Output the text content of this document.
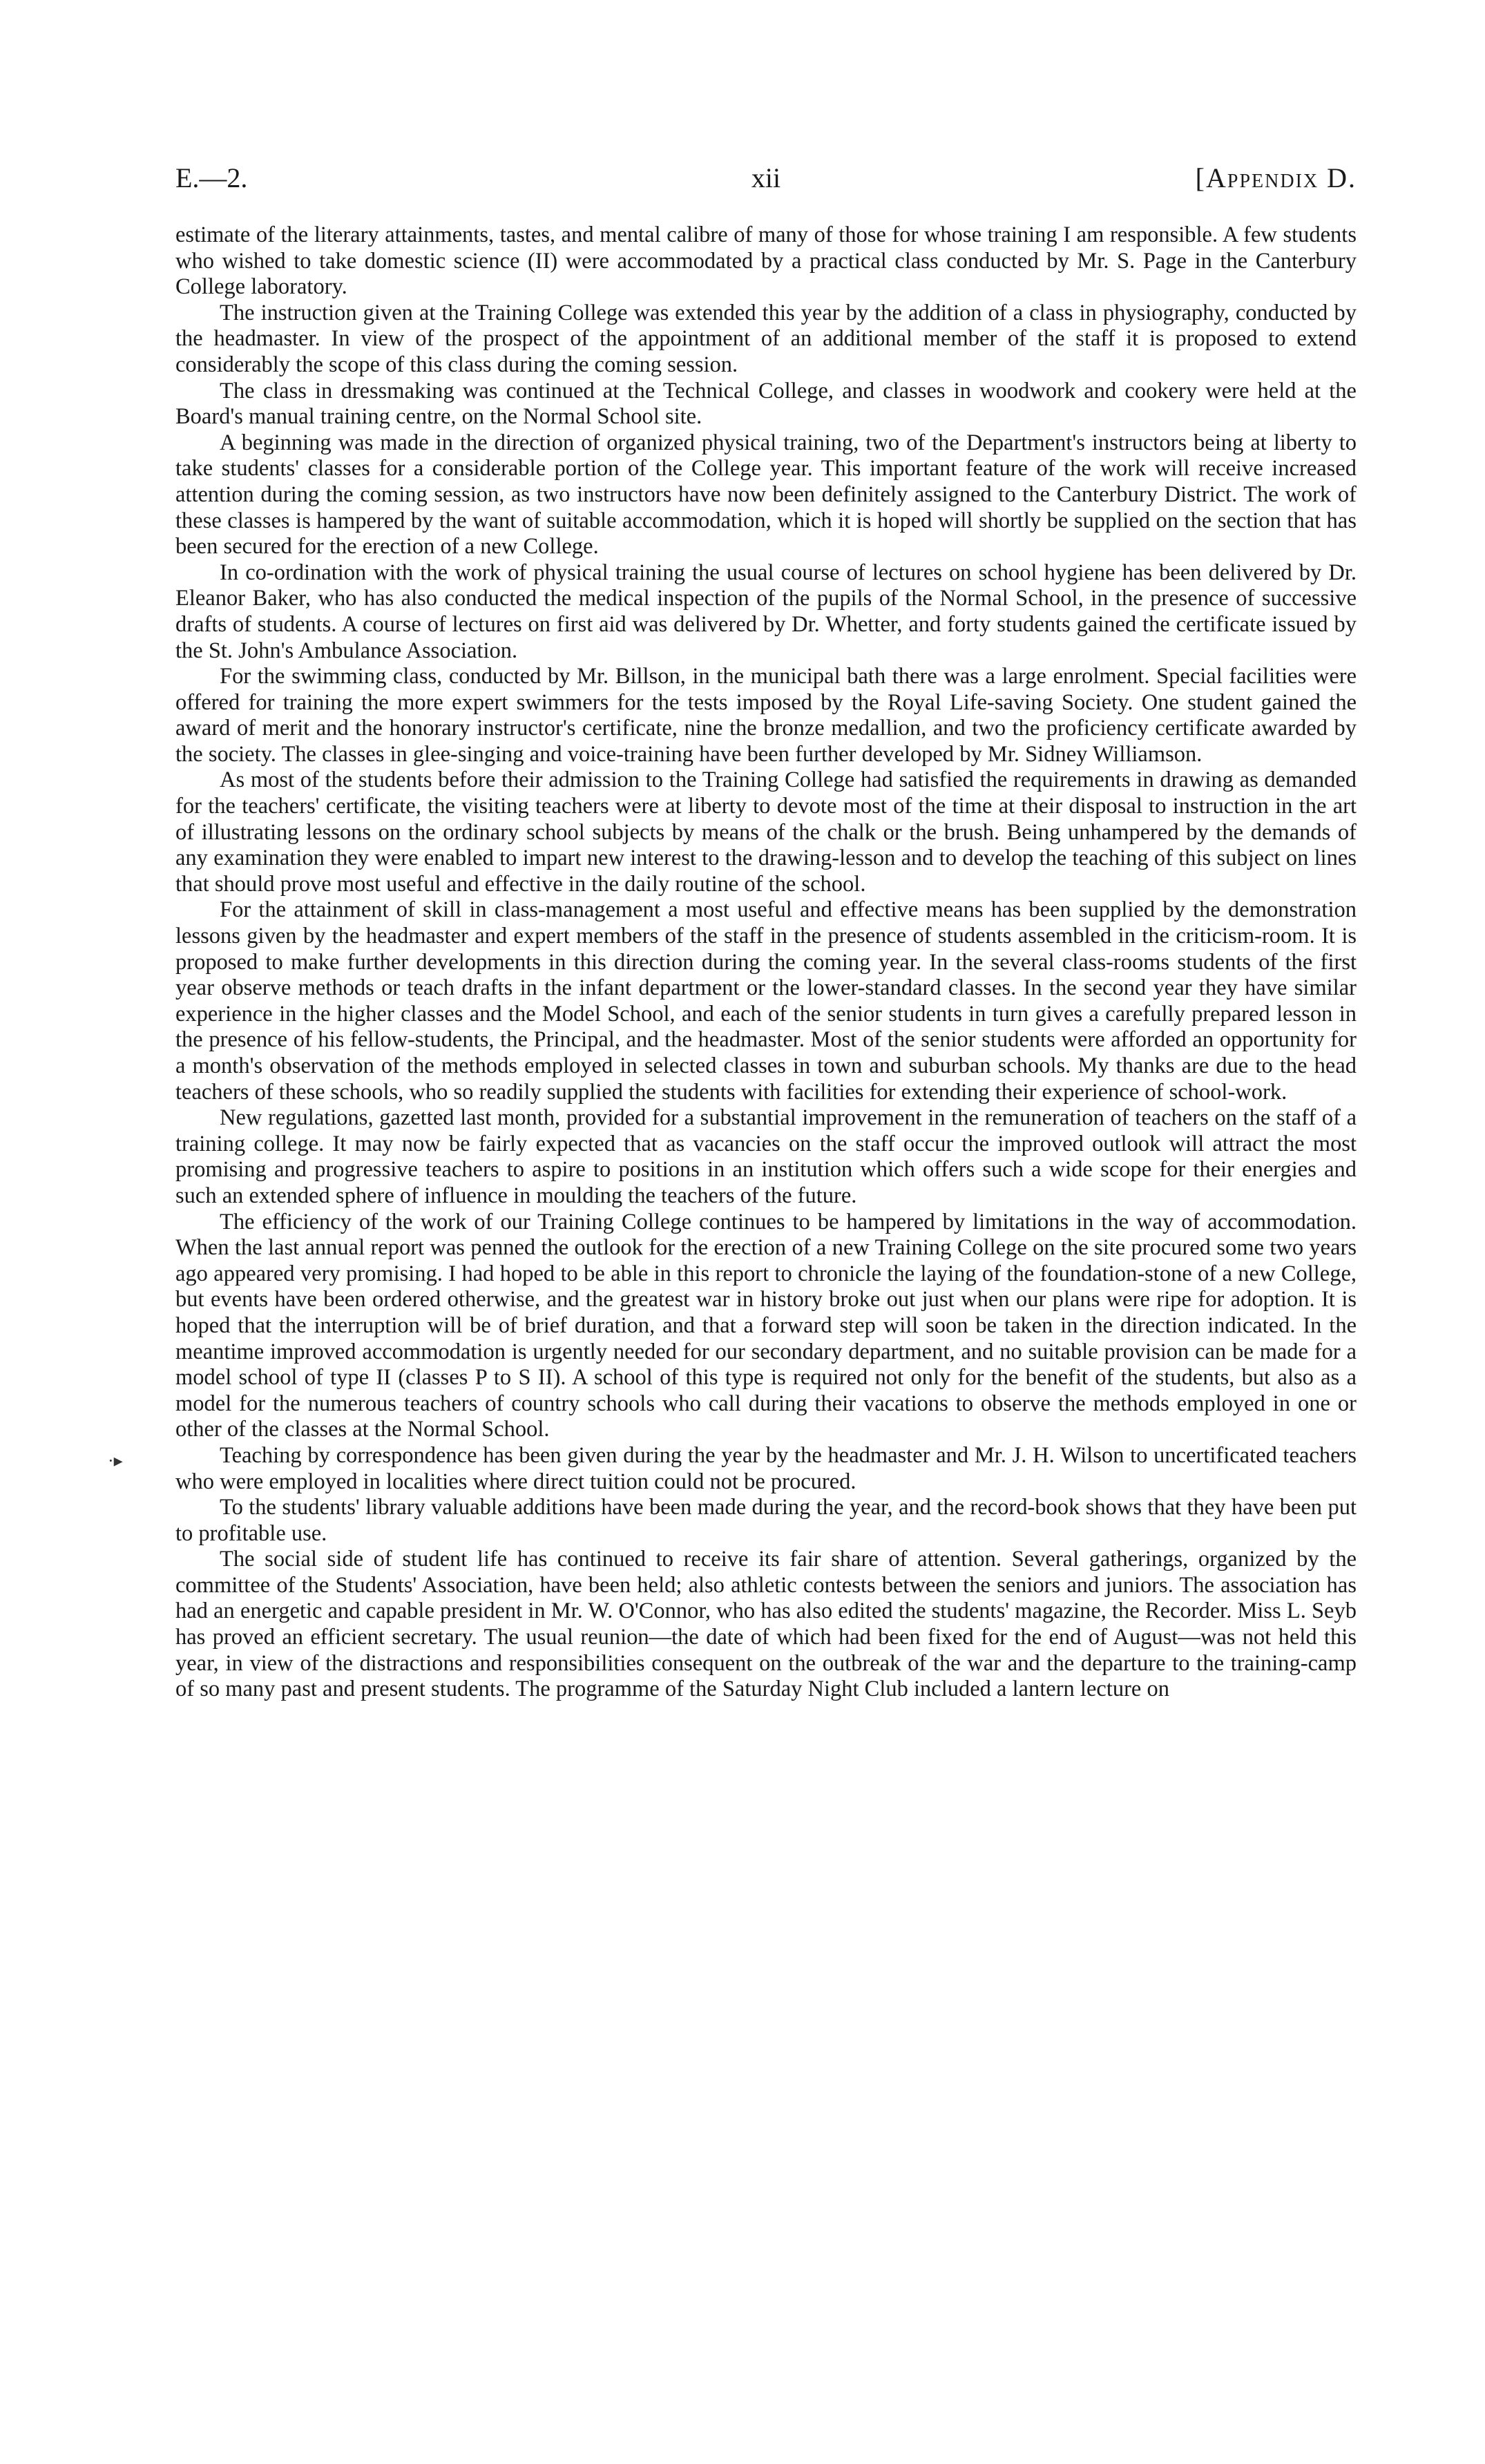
E.—2.	xii	[Appendix D.
·▸

estimate of the literary attainments, tastes, and mental calibre of many of those for whose training I am responsible. A few students who wished to take domestic science (II) were accommodated by a practical class conducted by Mr. S. Page in the Canterbury College laboratory.

The instruction given at the Training College was extended this year by the addition of a class in physiography, conducted by the headmaster. In view of the prospect of the appointment of an additional member of the staff it is proposed to extend considerably the scope of this class during the coming session.

The class in dressmaking was continued at the Technical College, and classes in woodwork and cookery were held at the Board's manual training centre, on the Normal School site.

A beginning was made in the direction of organized physical training, two of the Department's instructors being at liberty to take students' classes for a considerable portion of the College year. This important feature of the work will receive increased attention during the coming session, as two instructors have now been definitely assigned to the Canterbury District. The work of these classes is hampered by the want of suitable accommodation, which it is hoped will shortly be supplied on the section that has been secured for the erection of a new College.

In co-ordination with the work of physical training the usual course of lectures on school hygiene has been delivered by Dr. Eleanor Baker, who has also conducted the medical inspection of the pupils of the Normal School, in the presence of successive drafts of students. A course of lectures on first aid was delivered by Dr. Whetter, and forty students gained the certificate issued by the St. John's Ambulance Association.

For the swimming class, conducted by Mr. Billson, in the municipal bath there was a large enrolment. Special facilities were offered for training the more expert swimmers for the tests imposed by the Royal Life-saving Society. One student gained the award of merit and the honorary instructor's certificate, nine the bronze medallion, and two the proficiency certificate awarded by the society. The classes in glee-singing and voice-training have been further developed by Mr. Sidney Williamson.

As most of the students before their admission to the Training College had satisfied the requirements in drawing as demanded for the teachers' certificate, the visiting teachers were at liberty to devote most of the time at their disposal to instruction in the art of illustrating lessons on the ordinary school subjects by means of the chalk or the brush. Being unhampered by the demands of any examination they were enabled to impart new interest to the drawing-lesson and to develop the teaching of this subject on lines that should prove most useful and effective in the daily routine of the school.

For the attainment of skill in class-management a most useful and effective means has been supplied by the demonstration lessons given by the headmaster and expert members of the staff in the presence of students assembled in the criticism-room. It is proposed to make further developments in this direction during the coming year. In the several class-rooms students of the first year observe methods or teach drafts in the infant department or the lower-standard classes. In the second year they have similar experience in the higher classes and the Model School, and each of the senior students in turn gives a carefully prepared lesson in the presence of his fellow-students, the Principal, and the headmaster. Most of the senior students were afforded an opportunity for a month's observation of the methods employed in selected classes in town and suburban schools. My thanks are due to the head teachers of these schools, who so readily supplied the students with facilities for extending their experience of school-work.

New regulations, gazetted last month, provided for a substantial improvement in the remuneration of teachers on the staff of a training college. It may now be fairly expected that as vacancies on the staff occur the improved outlook will attract the most promising and progressive teachers to aspire to positions in an institution which offers such a wide scope for their energies and such an extended sphere of influence in moulding the teachers of the future.

The efficiency of the work of our Training College continues to be hampered by limitations in the way of accommodation. When the last annual report was penned the outlook for the erection of a new Training College on the site procured some two years ago appeared very promising. I had hoped to be able in this report to chronicle the laying of the foundation-stone of a new College, but events have been ordered otherwise, and the greatest war in history broke out just when our plans were ripe for adoption. It is hoped that the interruption will be of brief duration, and that a forward step will soon be taken in the direction indicated. In the meantime improved accommodation is urgently needed for our secondary department, and no suitable provision can be made for a model school of type II (classes P to S II). A school of this type is required not only for the benefit of the students, but also as a model for the numerous teachers of country schools who call during their vacations to observe the methods employed in one or other of the classes at the Normal School.

Teaching by correspondence has been given during the year by the headmaster and Mr. J. H. Wilson to uncertificated teachers who were employed in localities where direct tuition could not be procured.

To the students' library valuable additions have been made during the year, and the record-book shows that they have been put to profitable use.

The social side of student life has continued to receive its fair share of attention. Several gatherings, organized by the committee of the Students' Association, have been held; also athletic contests between the seniors and juniors. The association has had an energetic and capable president in Mr. W. O'Connor, who has also edited the students' magazine, the Recorder. Miss L. Seyb has proved an efficient secretary. The usual reunion—the date of which had been fixed for the end of August—was not held this year, in view of the distractions and responsibilities consequent on the outbreak of the war and the departure to the training-camp of so many past and present students. The programme of the Saturday Night Club included a lantern lecture on
